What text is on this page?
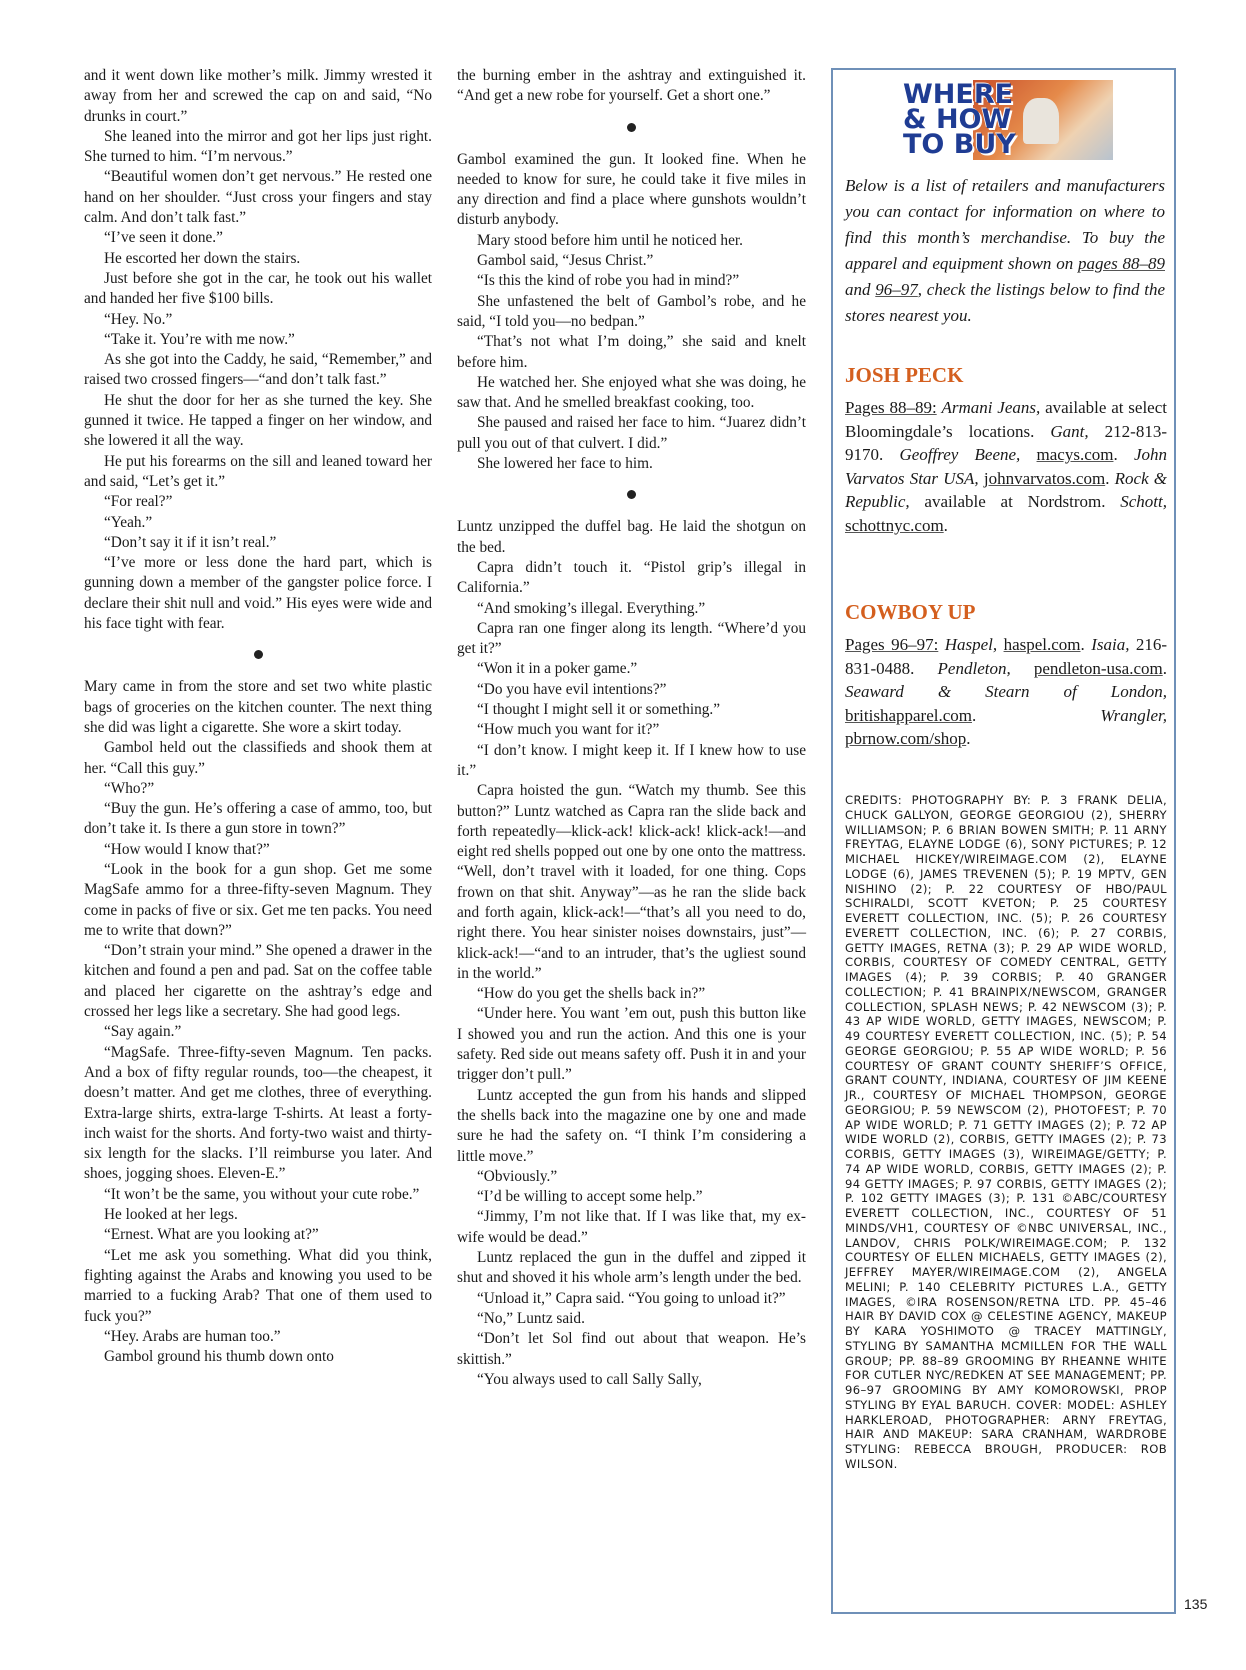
and it went down like mother’s milk. Jimmy wrested it away from her and screwed the cap on and said, “No drunks in court.”

She leaned into the mirror and got her lips just right. She turned to him. “I’m nervous.”

“Beautiful women don’t get nervous.” He rested one hand on her shoulder. “Just cross your fingers and stay calm. And don’t talk fast.”

“I’ve seen it done.”

He escorted her down the stairs.

Just before she got in the car, he took out his wallet and handed her five $100 bills.

“Hey. No.”

“Take it. You’re with me now.”

As she got into the Caddy, he said, “Remember,” and raised two crossed fingers—“and don’t talk fast.”

He shut the door for her as she turned the key. She gunned it twice. He tapped a finger on her window, and she lowered it all the way.

He put his forearms on the sill and leaned toward her and said, “Let’s get it.”

“For real?”

“Yeah.”

“Don’t say it if it isn’t real.”

“I’ve more or less done the hard part, which is gunning down a member of the gangster police force. I declare their shit null and void.” His eyes were wide and his face tight with fear.

Mary came in from the store and set two white plastic bags of groceries on the kitchen counter. The next thing she did was light a cigarette. She wore a skirt today.

Gambol held out the classifieds and shook them at her. “Call this guy.”

“Who?”

“Buy the gun. He’s offering a case of ammo, too, but don’t take it. Is there a gun store in town?”

“How would I know that?”

“Look in the book for a gun shop. Get me some MagSafe ammo for a three-fifty-seven Magnum. They come in packs of five or six. Get me ten packs. You need me to write that down?”

“Don’t strain your mind.” She opened a drawer in the kitchen and found a pen and pad. Sat on the coffee table and placed her cigarette on the ashtray’s edge and crossed her legs like a secretary. She had good legs.

“Say again.”

“MagSafe. Three-fifty-seven Magnum. Ten packs. And a box of fifty regular rounds, too—the cheapest, it doesn’t matter. And get me clothes, three of everything. Extra-large shirts, extra-large T-shirts. At least a forty-inch waist for the shorts. And forty-two waist and thirty-six length for the slacks. I’ll reimburse you later. And shoes, jogging shoes. Eleven-E.”

“It won’t be the same, you without your cute robe.”

He looked at her legs.

“Ernest. What are you looking at?”

“Let me ask you something. What did you think, fighting against the Arabs and knowing you used to be married to a fucking Arab? That one of them used to fuck you?”

“Hey. Arabs are human too.”

Gambol ground his thumb down onto

the burning ember in the ashtray and extinguished it. “And get a new robe for yourself. Get a short one.”

Gambol examined the gun. It looked fine. When he needed to know for sure, he could take it five miles in any direction and find a place where gunshots wouldn’t disturb anybody.

Mary stood before him until he noticed her.

Gambol said, “Jesus Christ.”

“Is this the kind of robe you had in mind?”

She unfastened the belt of Gambol’s robe, and he said, “I told you—no bedpan.”

“That’s not what I’m doing,” she said and knelt before him.

He watched her. She enjoyed what she was doing, he saw that. And he smelled breakfast cooking, too.

She paused and raised her face to him. “Juarez didn’t pull you out of that culvert. I did.”

She lowered her face to him.

Luntz unzipped the duffel bag. He laid the shotgun on the bed.

Capra didn’t touch it. “Pistol grip’s illegal in California.”

“And smoking’s illegal. Everything.”

Capra ran one finger along its length. “Where’d you get it?”

“Won it in a poker game.”

“Do you have evil intentions?”

“I thought I might sell it or something.”

“How much you want for it?”

“I don’t know. I might keep it. If I knew how to use it.”

Capra hoisted the gun. “Watch my thumb. See this button?” Luntz watched as Capra ran the slide back and forth repeatedly—klick-ack! klick-ack! klick-ack!—and eight red shells popped out one by one onto the mattress. “Well, don’t travel with it loaded, for one thing. Cops frown on that shit. Anyway”—as he ran the slide back and forth again, klick-ack!—“that’s all you need to do, right there. You hear sinister noises downstairs, just”—klick-ack!—“and to an intruder, that’s the ugliest sound in the world.”

“How do you get the shells back in?”

“Under here. You want ’em out, push this button like I showed you and run the action. And this one is your safety. Red side out means safety off. Push it in and your trigger don’t pull.”

Luntz accepted the gun from his hands and slipped the shells back into the magazine one by one and made sure he had the safety on. “I think I’m considering a little move.”

“Obviously.”

“I’d be willing to accept some help.”

“Jimmy, I’m not like that. If I was like that, my ex-wife would be dead.”

Luntz replaced the gun in the duffel and zipped it shut and shoved it his whole arm’s length under the bed.

“Unload it,” Capra said. “You going to unload it?”

“No,” Luntz said.

“Don’t let Sol find out about that weapon. He’s skittish.”

“You always used to call Sally Sally,

WHERE
& HOW
TO BUY
Below is a list of retailers and manufacturers you can contact for information on where to find this month’s merchandise. To buy the apparel and equipment shown on pages 88–89 and 96–97, check the listings below to find the stores nearest you.
JOSH PECK
Pages 88–89: Armani Jeans, available at select Bloomingdale’s locations. Gant, 212-813-9170. Geoffrey Beene, macys.com. John Varvatos Star USA, johnvarvatos.com. Rock & Republic, available at Nordstrom. Schott, schottnyc.com.
COWBOY UP
Pages 96–97: Haspel, haspel.com. Isaia, 216-831-0488. Pendleton, pendleton-usa.com. Seaward & Stearn of London, britishapparel.com. Wrangler, pbrnow.com/shop.
CREDITS: PHOTOGRAPHY BY: P. 3 FRANK DELIA, CHUCK GALLYON, GEORGE GEORGIOU (2), SHERRY WILLIAMSON; P. 6 BRIAN BOWEN SMITH; P. 11 ARNY FREYTAG, ELAYNE LODGE (6), SONY PICTURES; P. 12 MICHAEL HICKEY/WIREIMAGE.COM (2), ELAYNE LODGE (6), JAMES TREVENEN (5); P. 19 MPTV, GEN NISHINO (2); P. 22 COURTESY OF HBO/PAUL SCHIRALDI, SCOTT KVETON; P. 25 COURTESY EVERETT COLLECTION, INC. (5); P. 26 COURTESY EVERETT COLLECTION, INC. (6); P. 27 CORBIS, GETTY IMAGES, RETNA (3); P. 29 AP WIDE WORLD, CORBIS, COURTESY OF COMEDY CENTRAL, GETTY IMAGES (4); P. 39 CORBIS; P. 40 GRANGER COLLECTION; P. 41 BRAINPIX/NEWSCOM, GRANGER COLLECTION, SPLASH NEWS; P. 42 NEWSCOM (3); P. 43 AP WIDE WORLD, GETTY IMAGES, NEWSCOM; P. 49 COURTESY EVERETT COLLECTION, INC. (5); P. 54 GEORGE GEORGIOU; P. 55 AP WIDE WORLD; P. 56 COURTESY OF GRANT COUNTY SHERIFF’S OFFICE, GRANT COUNTY, INDIANA, COURTESY OF JIM KEENE JR., COURTESY OF MICHAEL THOMPSON, GEORGE GEORGIOU; P. 59 NEWSCOM (2), PHOTOFEST; P. 70 AP WIDE WORLD; P. 71 GETTY IMAGES (2); P. 72 AP WIDE WORLD (2), CORBIS, GETTY IMAGES (2); P. 73 CORBIS, GETTY IMAGES (3), WIREIMAGE/GETTY; P. 74 AP WIDE WORLD, CORBIS, GETTY IMAGES (2); P. 94 GETTY IMAGES; P. 97 CORBIS, GETTY IMAGES (2); P. 102 GETTY IMAGES (3); P. 131 ©ABC/COURTESY EVERETT COLLECTION, INC., COURTESY OF 51 MINDS/VH1, COURTESY OF ©NBC UNIVERSAL, INC., LANDOV, CHRIS POLK/WIREIMAGE.COM; P. 132 COURTESY OF ELLEN MICHAELS, GETTY IMAGES (2), JEFFREY MAYER/WIREIMAGE.COM (2), ANGELA MELINI; P. 140 CELEBRITY PICTURES L.A., GETTY IMAGES, ©IRA ROSENSON/RETNA LTD. PP. 45–46 HAIR BY DAVID COX @ CELESTINE AGENCY, MAKEUP BY KARA YOSHIMOTO @ TRACEY MATTINGLY, STYLING BY SAMANTHA MCMILLEN FOR THE WALL GROUP; PP. 88–89 GROOMING BY RHEANNE WHITE FOR CUTLER NYC/REDKEN AT SEE MANAGEMENT; PP. 96–97 GROOMING BY AMY KOMOROWSKI, PROP STYLING BY EYAL BARUCH. COVER: MODEL: ASHLEY HARKLEROAD, PHOTOGRAPHER: ARNY FREYTAG, HAIR AND MAKEUP: SARA CRANHAM, WARDROBE STYLING: REBECCA BROUGH, PRODUCER: ROB WILSON.
135
